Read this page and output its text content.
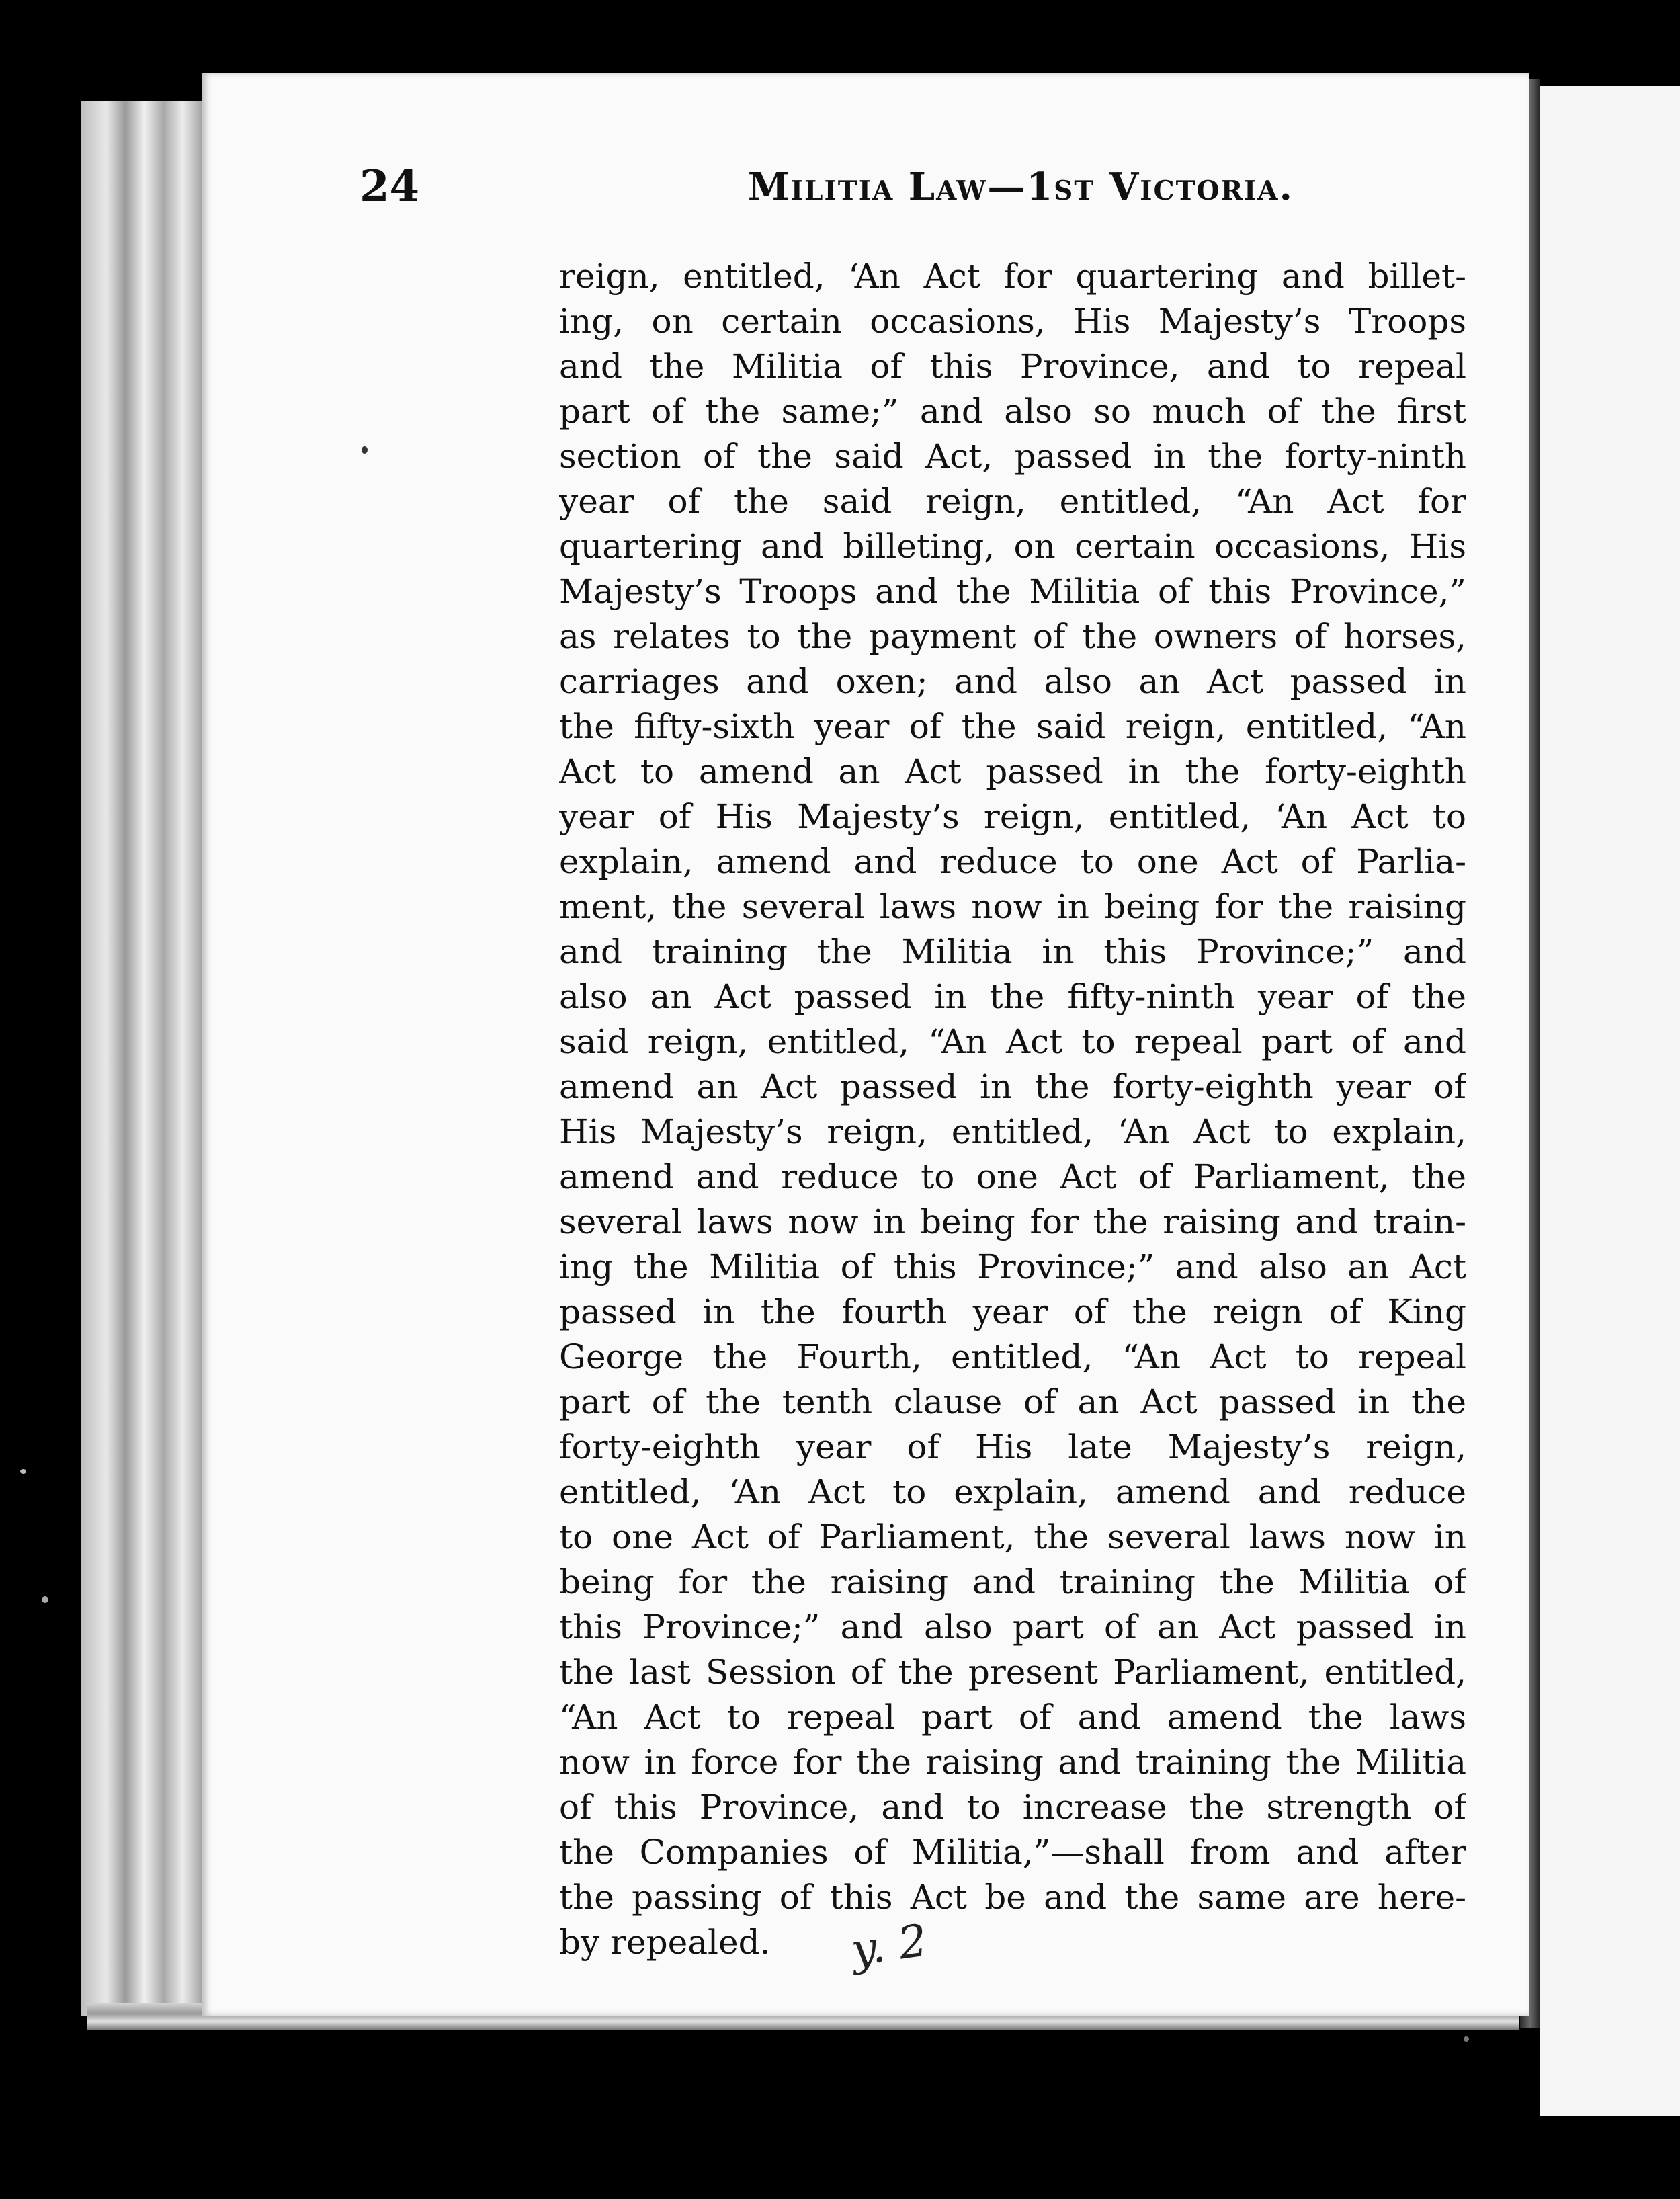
24	Militia Law—1st Victoria.
reign, entitled, ‘An Act for quartering and billet-
ing, on certain occasions, His Majesty’s Troops
and the Militia of this Province, and to repeal
part of the same;” and also so much of the first
section of the said Act, passed in the forty-ninth
year of the said reign, entitled, “An Act for
quartering and billeting, on certain occasions, His
Majesty’s Troops and the Militia of this Province,”
as relates to the payment of the owners of horses,
carriages and oxen; and also an Act passed in
the fifty-sixth year of the said reign, entitled, “An
Act to amend an Act passed in the forty-eighth
year of His Majesty’s reign, entitled, ‘An Act to
explain, amend and reduce to one Act of Parlia-
ment, the several laws now in being for the raising
and training the Militia in this Province;” and
also an Act passed in the fifty-ninth year of the
said reign, entitled, “An Act to repeal part of and
amend an Act passed in the forty-eighth year of
His Majesty’s reign, entitled, ‘An Act to explain,
amend and reduce to one Act of Parliament, the
several laws now in being for the raising and train-
ing the Militia of this Province;” and also an Act
passed in the fourth year of the reign of King
George the Fourth, entitled, “An Act to repeal
part of the tenth clause of an Act passed in the
forty-eighth year of His late Majesty’s reign,
entitled, ‘An Act to explain, amend and reduce
to one Act of Parliament, the several laws now in
being for the raising and training the Militia of
this Province;” and also part of an Act passed in
the last Session of the present Parliament, entitled,
“An Act to repeal part of and amend the laws
now in force for the raising and training the Militia
of this Province, and to increase the strength of
the Companies of Militia,”—shall from and after
the passing of this Act be and the same are here-
by repealed. y. 2
